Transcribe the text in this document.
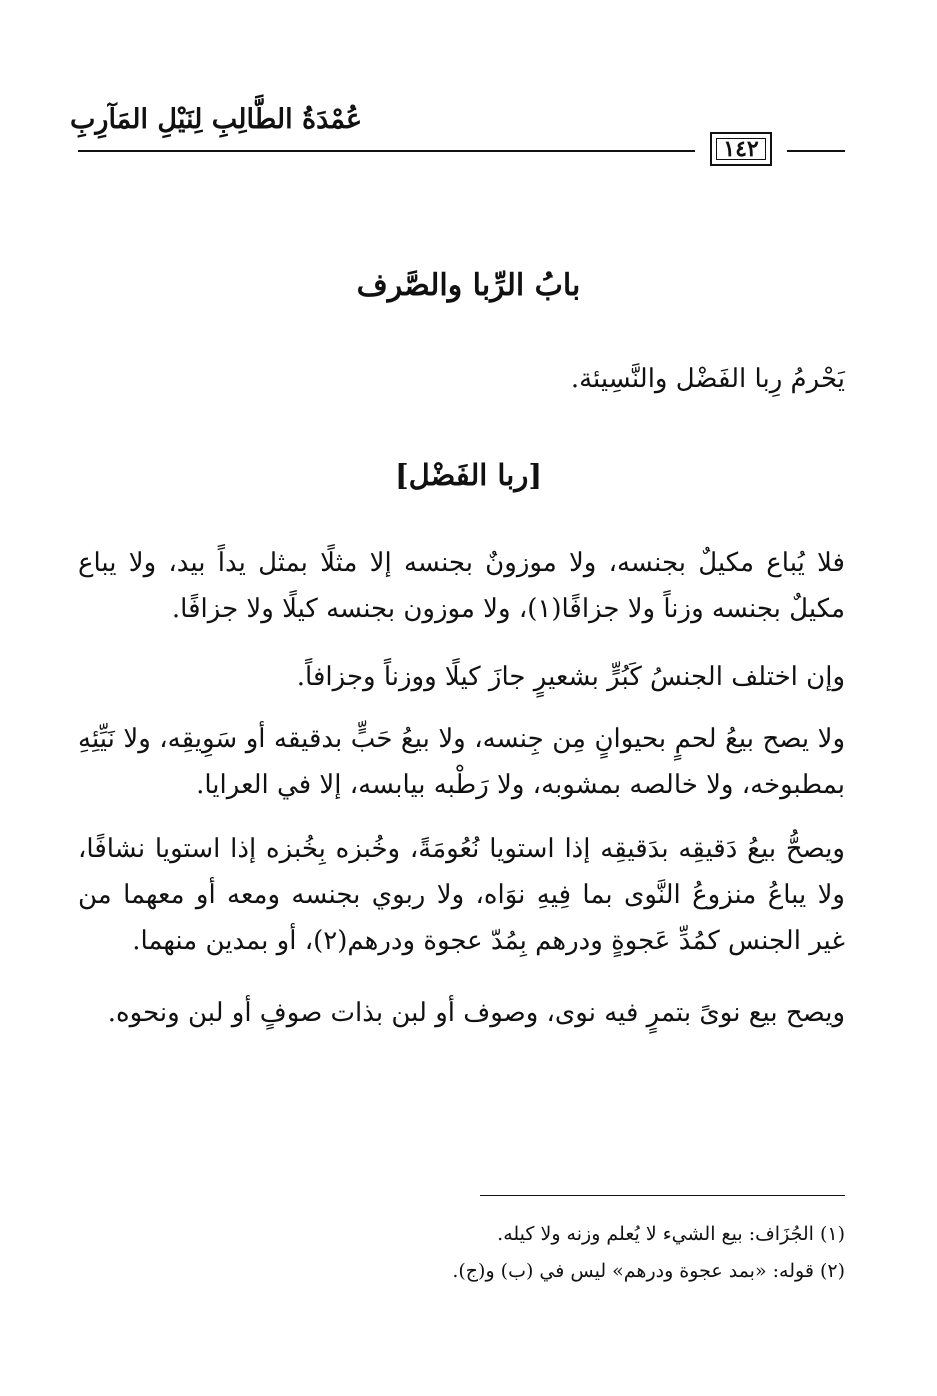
عُمْدَةُ الطَّالِبِ لِنَيْلِ المَآرِبِ
١٤٢
بابُ الرِّبا والصَّرف
يَحْرمُ رِبا الفَضْل والنَّسِيئة.
[ربا الفَضْل]
فلا يُباع مكيلٌ بجنسه، ولا موزونٌ بجنسه إلا مثلًا بمثل يداً بيد، ولا يباع مكيلٌ بجنسه وزناً ولا جزافًا(١)، ولا موزون بجنسه كيلًا ولا جزافًا.
وإن اختلف الجنسُ كَبُرٍّ بشعيرٍ جازَ كيلًا ووزناً وجزافاً.
ولا يصح بيعُ لحمٍ بحيوانٍ مِن جِنسه، ولا بيعُ حَبٍّ بدقيقه أو سَوِيقِه، ولا نَيِّئِهِ بمطبوخه، ولا خالصه بمشوبه، ولا رَطْبه بيابسه، إلا في العرايا.
ويصحُّ بيعُ دَقيقِه بدَقيقِه إذا استويا نُعُومَةً، وخُبزه بِخُبزه إذا استويا نشافًا، ولا يباعُ منزوعُ النَّوى بما فِيهِ نوَاه، ولا ربوي بجنسه ومعه أو معهما من غير الجنس كمُدِّ عَجوةٍ ودرهم بِمُدّ عجوة ودرهم(٢)، أو بمدين منهما.
ويصح بيع نوىً بتمرٍ فيه نوى، وصوف أو لبن بذات صوفٍ أو لبن ونحوه.
(١) الجُزَاف: بيع الشيء لا يُعلم وزنه ولا كيله.
(٢) قوله: «بمد عجوة ودرهم» ليس في (ب) و(ج).
